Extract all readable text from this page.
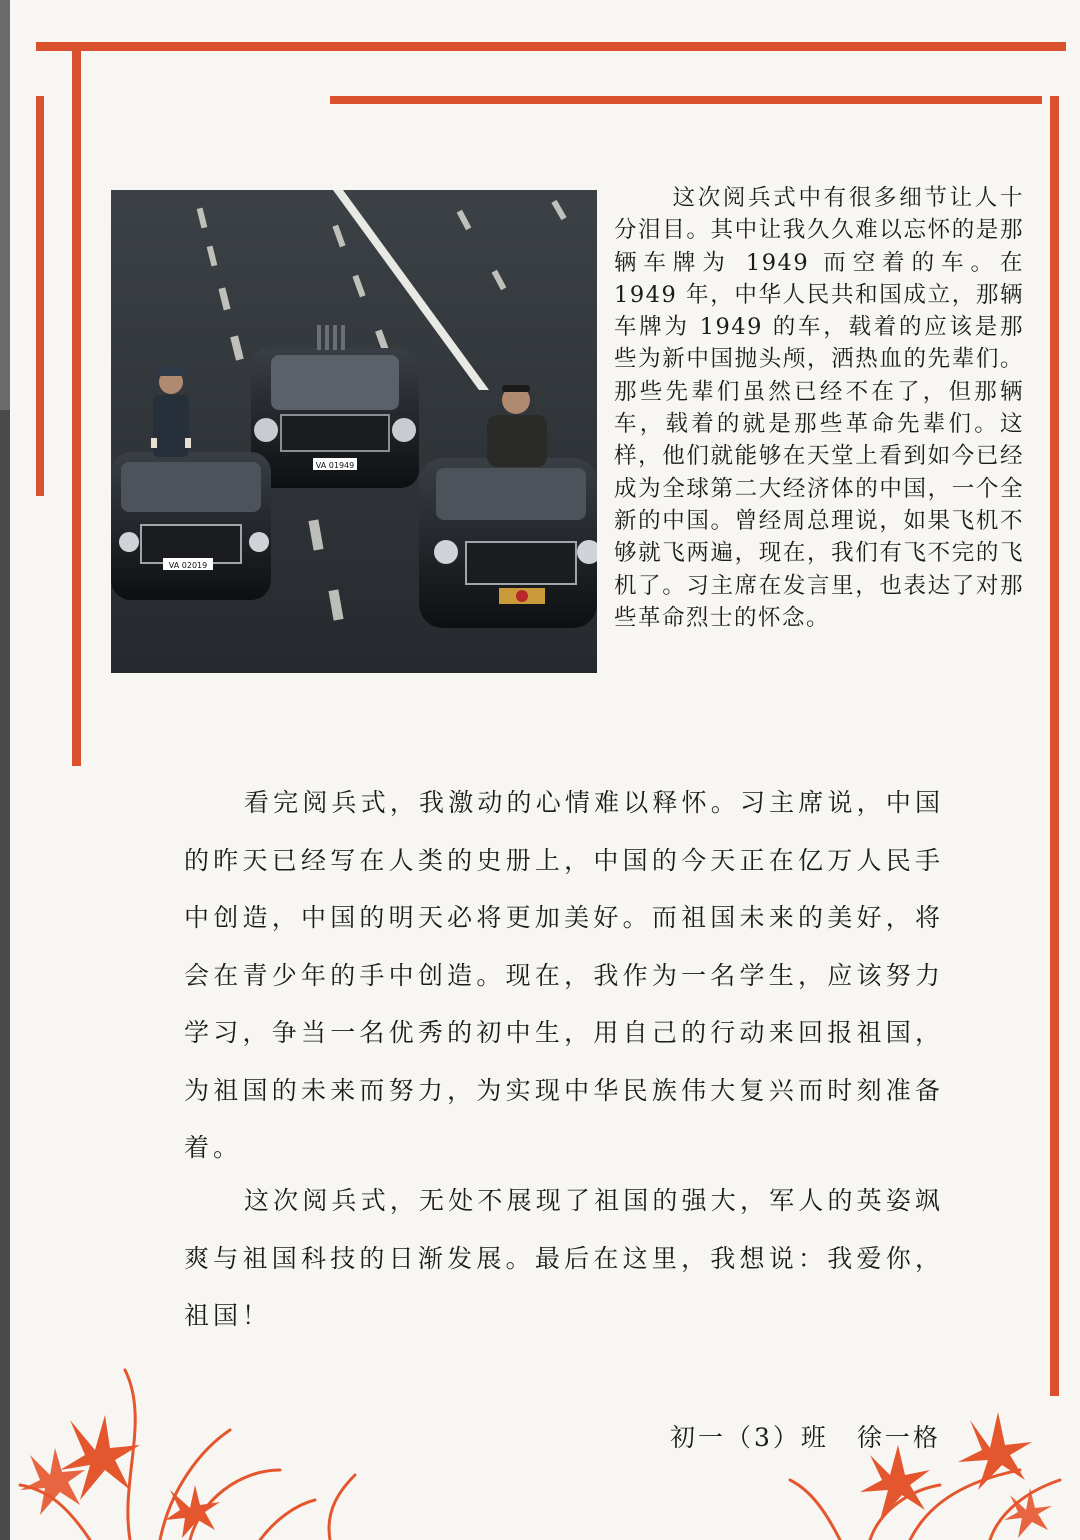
VA 01949
VA 02019

这次阅兵式中有很多细节让人十分泪目。其中让我久久难以忘怀的是那辆车牌为 1949 而空着的车。在 1949 年，中华人民共和国成立，那辆车牌为 1949 的车，载着的应该是那些为新中国抛头颅，洒热血的先辈们。那些先辈们虽然已经不在了，但那辆车，载着的就是那些革命先辈们。这样，他们就能够在天堂上看到如今已经成为全球第二大经济体的中国，一个全新的中国。曾经周总理说，如果飞机不够就飞两遍，现在，我们有飞不完的飞机了。习主席在发言里，也表达了对那些革命烈士的怀念。

看完阅兵式，我激动的心情难以释怀。习主席说，中国的昨天已经写在人类的史册上，中国的今天正在亿万人民手中创造，中国的明天必将更加美好。而祖国未来的美好，将会在青少年的手中创造。现在，我作为一名学生，应该努力学习，争当一名优秀的初中生，用自己的行动来回报祖国，为祖国的未来而努力，为实现中华民族伟大复兴而时刻准备着。

这次阅兵式，无处不展现了祖国的强大，军人的英姿飒爽与祖国科技的日渐发展。最后在这里，我想说：我爱你，祖国！

初一（3）班　徐一格
